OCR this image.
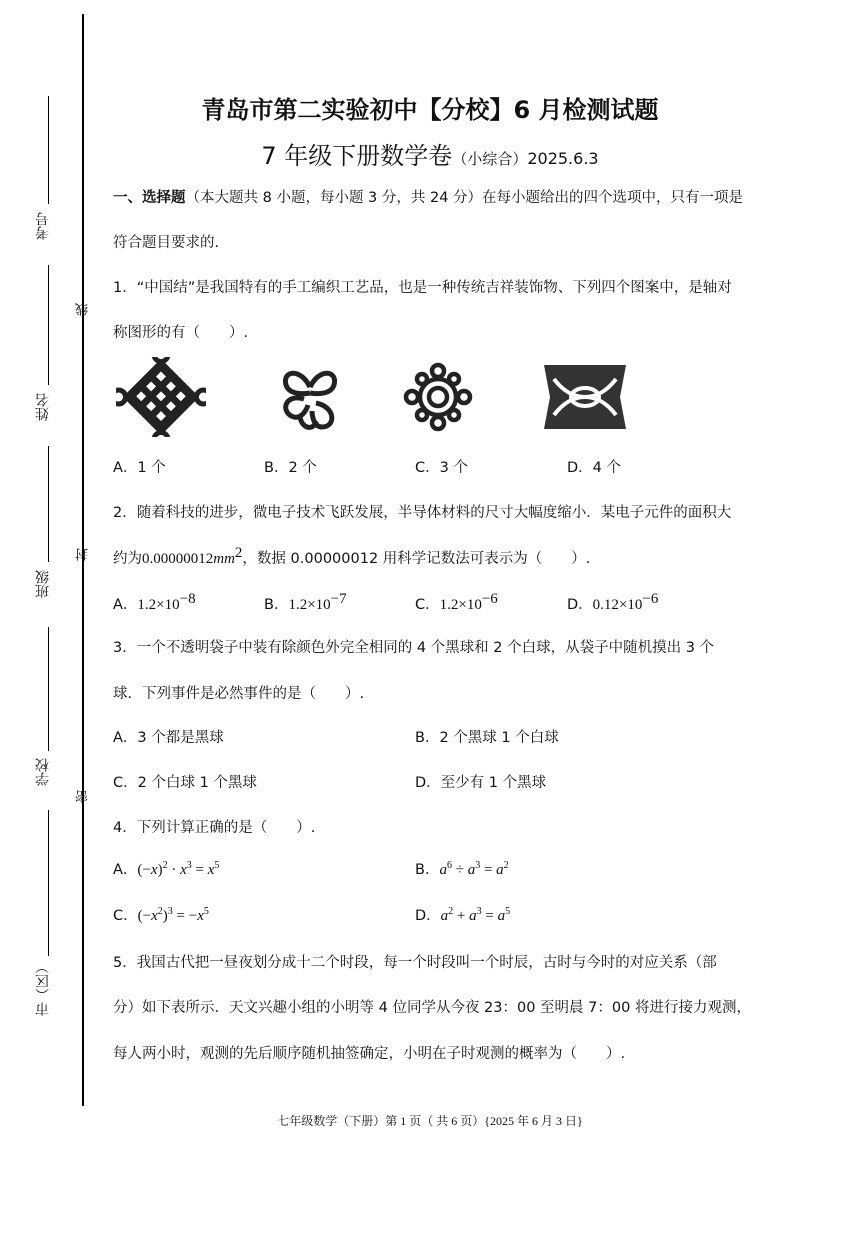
考号
姓名
班级
学校
市（区）
线
封
密
青岛市第二实验初中【分校】6 月检测试题
7 年级下册数学卷（小综合）2025.6.3
一、选择题（本大题共 8 小题，每小题 3 分，共 24 分）在每小题给出的四个选项中，只有一项是
符合题目要求的.
1．“中国结”是我国特有的手工编织工艺品，也是一种传统吉祥装饰物、下列四个图案中，是轴对
称图形的有（　　）.
A．1 个	B．2 个	C．3 个	D．4 个
2．随着科技的进步，微电子技术飞跃发展，半导体材料的尺寸大幅度缩小．某电子元件的面积大
约为$0.00000012mm^2$，数据 0.00000012 用科学记数法可表示为（　　）.
A．$1.2\times 10^{-8}$	B．$1.2\times 10^{-7}$	C．$1.2\times 10^{-6}$	D．$0.12\times 10^{-6}$
3．一个不透明袋子中装有除颜色外完全相同的 4 个黑球和 2 个白球，从袋子中随机摸出 3 个
球．下列事件是必然事件的是（　　）.
A．3 个都是黑球	B．2 个黑球 1 个白球
C．2 个白球 1 个黑球	D．至少有 1 个黑球
4．下列计算正确的是（　　）.
A．$(-x)^2 \cdot x^3 = x^5$	B．$a^6 \div a^3 = a^2$
C．$(-x^2)^3 = -x^5$	D．$a^2 + a^3 = a^5$
5．我国古代把一昼夜划分成十二个时段，每一个时段叫一个时辰，古时与今时的对应关系（部
分）如下表所示．天文兴趣小组的小明等 4 位同学从今夜 23：00 至明晨 7：00 将进行接力观测，
每人两小时，观测的先后顺序随机抽签确定，小明在子时观测的概率为（　　）.
七年级数学（下册）第 1 页（ 共 6 页）{2025 年 6 月 3 日}
